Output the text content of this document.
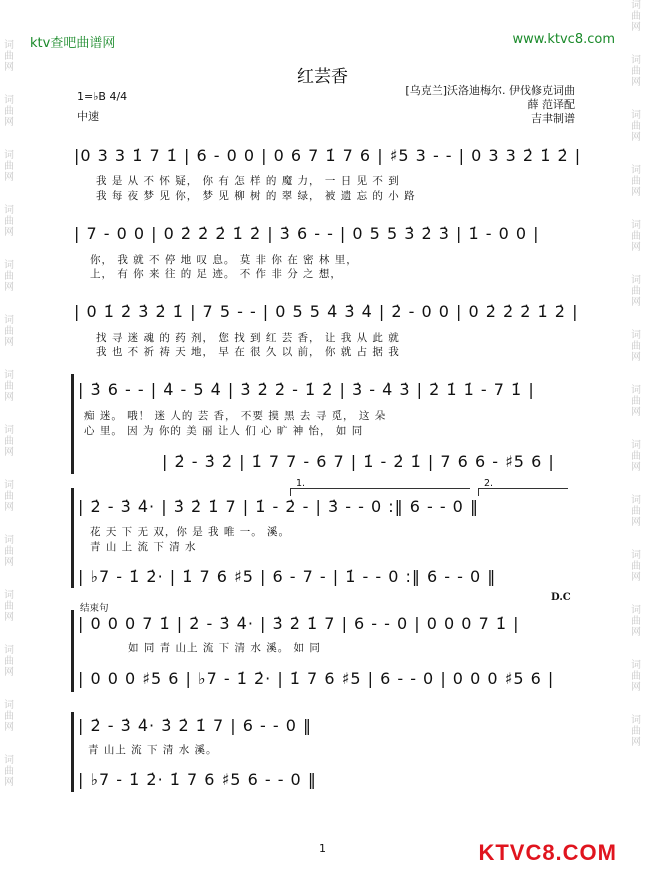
词
曲
网

词
曲
网

词
曲
网

词
曲
网

词
曲
网

词
曲
网

词
曲
网

词
曲
网

词
曲
网

词
曲
网

词
曲
网

词
曲
网

词
曲
网

词
曲
网
词
曲
网

词
曲
网

词
曲
网

词
曲
网

词
曲
网

词
曲
网

词
曲
网

词
曲
网

词
曲
网

词
曲
网

词
曲
网

词
曲
网

词
曲
网

词
曲
网
ktv查吧曲谱网	www.ktvc8.com
红芸香
1=♭B 4/4
中速
[乌克兰]沃洛迪梅尔. 伊伐修克词曲
薛 范译配
吉聿制谱
|0 3 3 1̇ 7 1̇ | 6 - 0 0 | 0 6 7 1̇ 7 6 | ♯5 3 - - | 0 3 3 2̇ 1̇ 2̇ |
我 是 从 不 怀 疑， 你 有 怎 样 的 魔 力， 一 日 见 不 到
我 每 夜 梦 见 你， 梦 见 柳 树 的 翠 绿， 被 遗 忘 的 小 路
| 7 - 0 0 | 0 2̇ 2̇ 2̇ 1̇ 2̇ | 3̇ 6 - - | 0 5 5 3̇ 2̇ 3̇ | 1̇ - 0 0 |
你， 我 就 不 停 地 叹 息。 莫 非 你 在 密 林 里，
上， 有 你 来 往 的 足 迹。 不 作 非 分 之 想，
| 0 1̇ 2̇ 3̇ 2̇ 1̇ | 7 5 - - | 0 5 5 4̇ 3̇ 4̇ | 2̇ - 0 0 | 0 2̇ 2̇ 2̇ 1̇ 2̇ |
找 寻 迷 魂 的 药 剂， 您 找 到 红 芸 香， 让 我 从 此 就
我 也 不 祈 祷 天 地， 早 在 很 久 以 前， 你 就 占 据 我
| 3̇ 6 - - | 4̇ - 5 4̇ | 3̇ 2̇ 2̇ - 1̇ 2̇ | 3̇ - 4̇ 3̇ | 2̇ 1̇ 1̇ - 7 1̇ |
痴 迷。 哦！ 迷 人的 芸 香， 不要 摸 黑 去 寻 觅， 这 朵
心 里。 因 为 你的 美 丽 让人 们 心 旷 神 怡， 如 同
| 2̇ - 3̇ 2̇ | 1̇ 7 7 - 6 7 | 1̇ - 2̇ 1̇ | 7 6 6 - ♯5 6 |
1.	2.
| 2̇ - 3̇ 4̇· | 3̇ 2̇ 1̇ 7 | 1̇ - 2̇ - | 3̇ - - 0 :‖ 6 - - 0 ‖
花 天 下 无 双，你 是 我 唯 一。 溪。
青 山 上 流 下 清 水
| ♭7 - 1̇ 2̇· | 1̇ 7 6 ♯5 | 6 - 7 - | 1̇ - - 0 :‖ 6 - - 0 ‖
D.C
结束句
| 0 0 0 7 1̇ | 2̇ - 3̇ 4̇· | 3̇ 2̇ 1̇ 7 | 6 - - 0 | 0 0 0 7 1̇ |
如 同 青 山上 流 下 清 水 溪。 如 同
| 0 0 0 ♯5 6 | ♭7 - 1̇ 2̇· | 1̇ 7 6 ♯5 | 6 - - 0 | 0 0 0 ♯5 6 |
| 2̇ - 3̇ 4̇· 3̇ 2̇ 1̇ 7 | 6 - - 0 ‖
青 山上 流 下 清 水 溪。
| ♭7 - 1̇ 2̇· 1̇ 7 6 ♯5 6 - - 0 ‖
1	KTVC8.COM
